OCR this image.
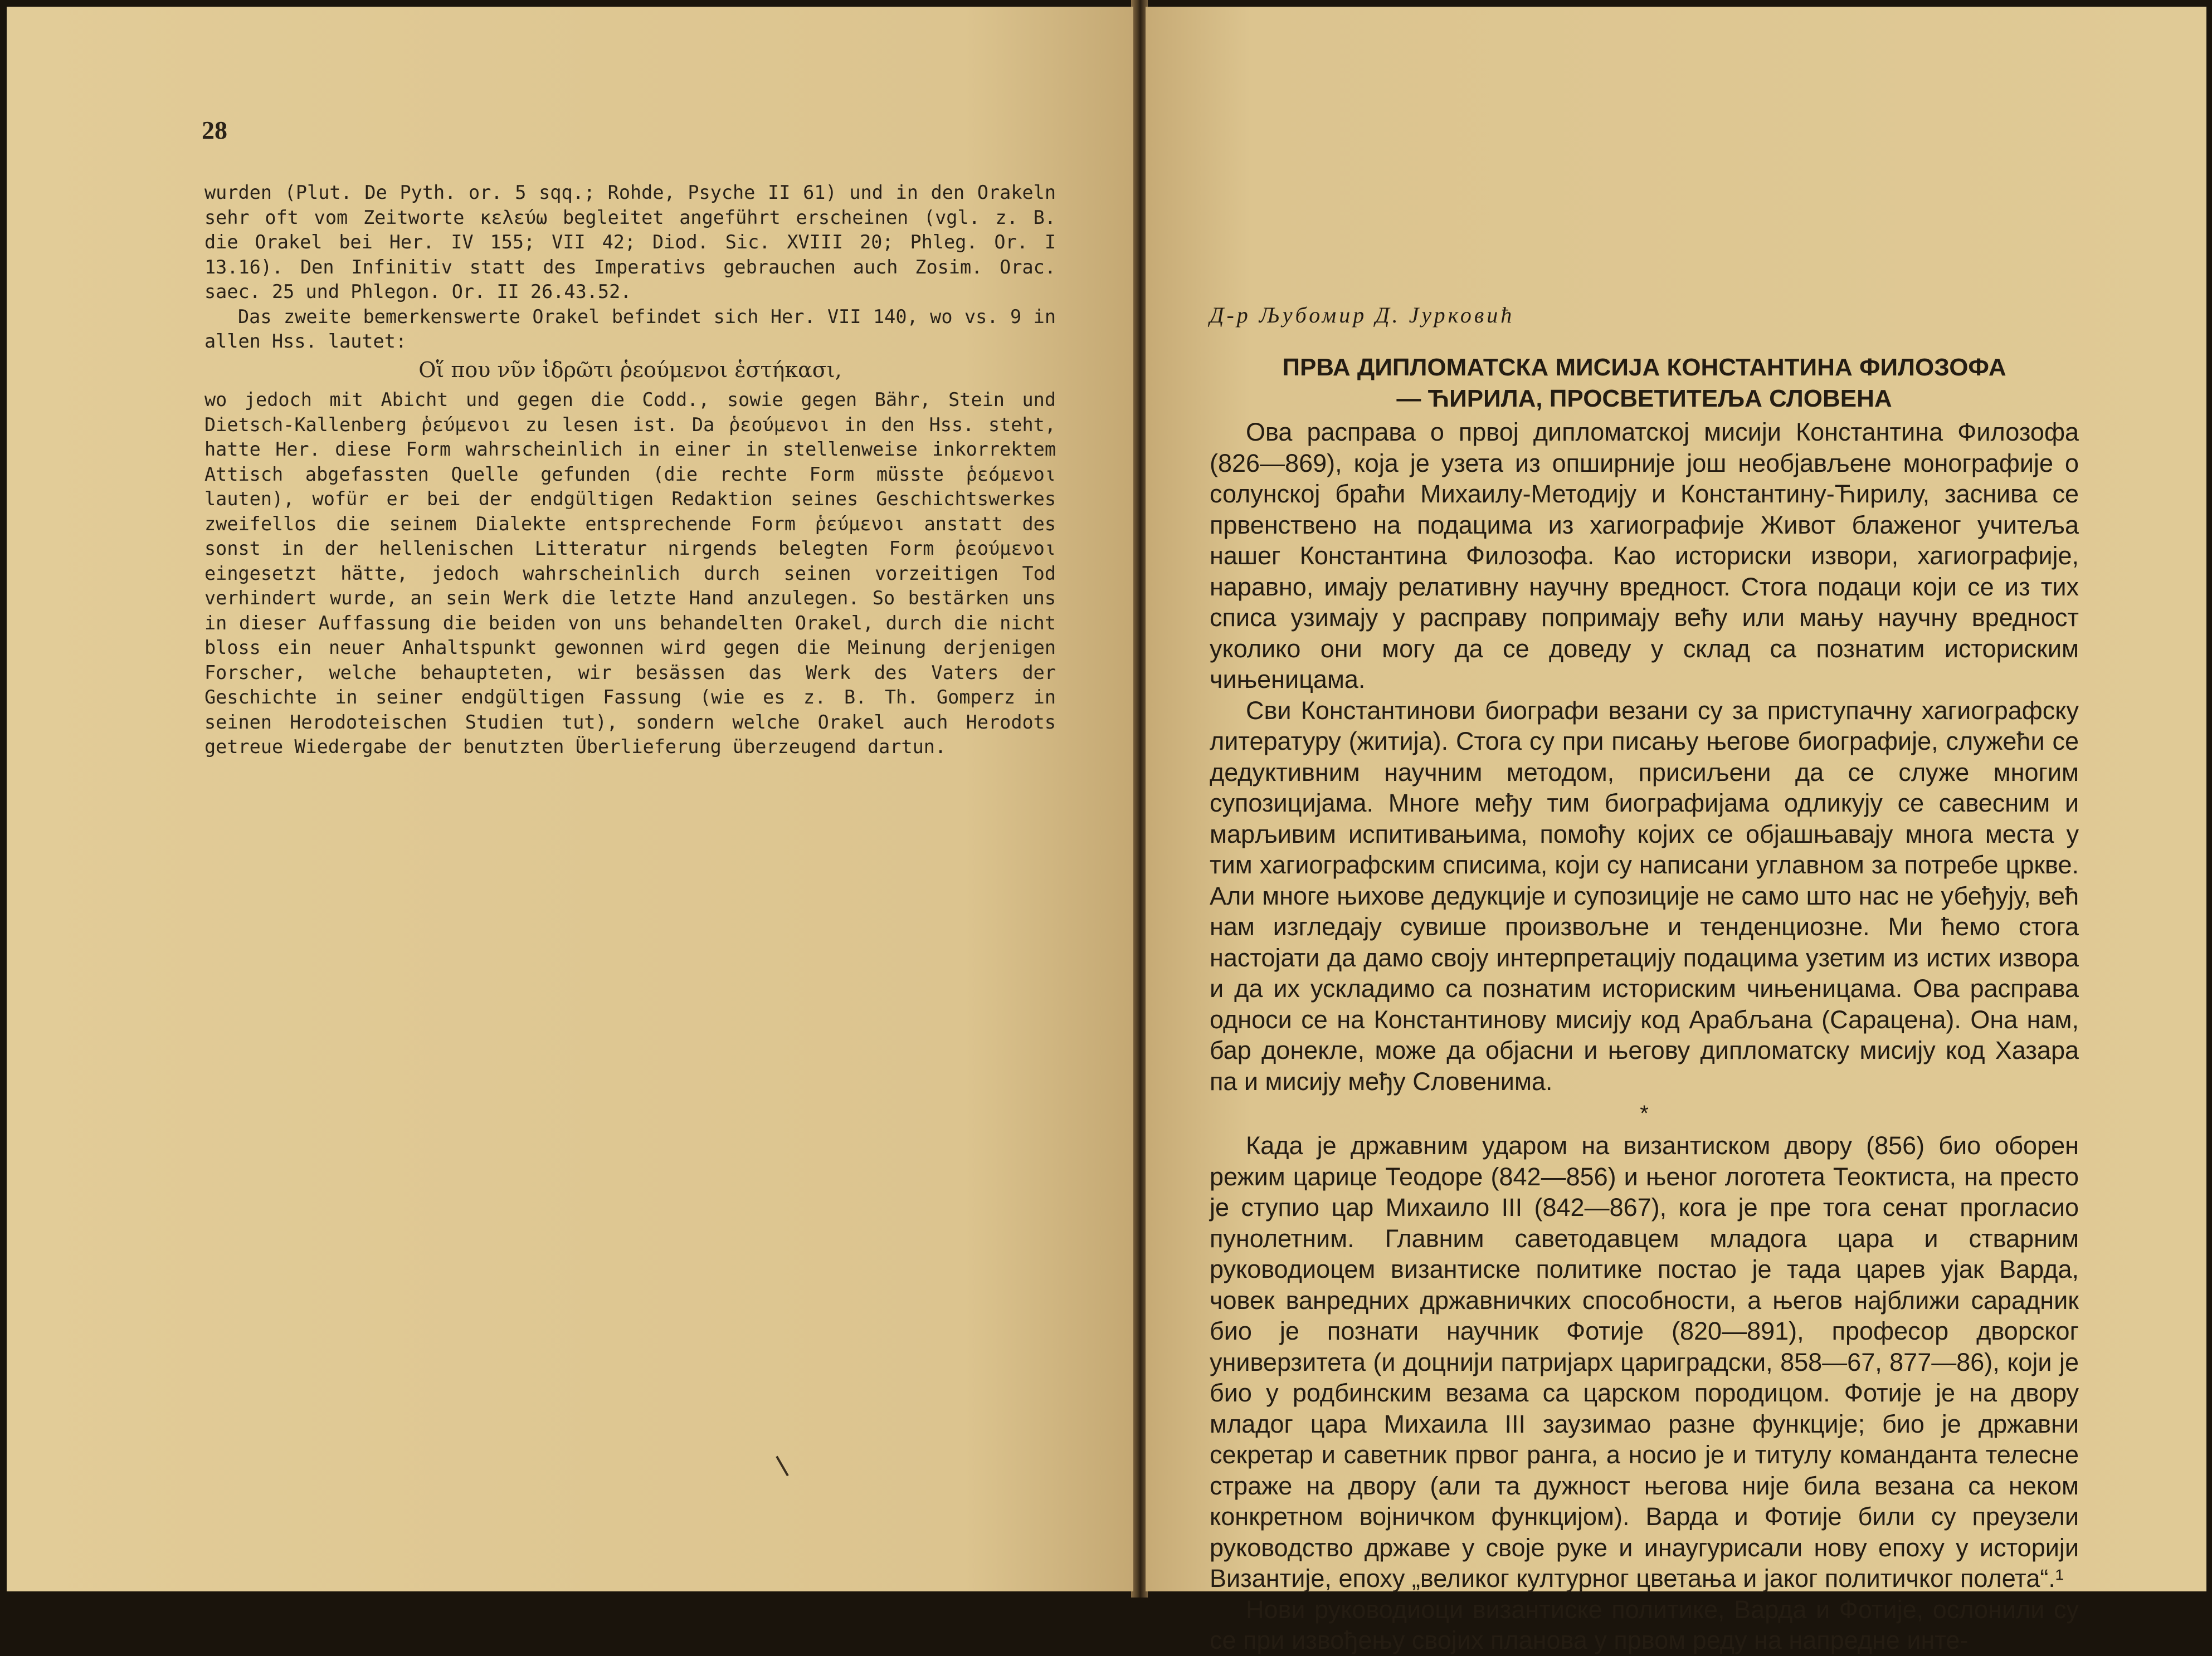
28

wurden (Plut. De Pyth. or. 5 sqq.; Rohde, Psyche II 61) und in den Orakeln sehr oft vom Zeitworte κελεύω begleitet angeführt erscheinen (vgl. z. B. die Orakel bei Her. IV 155; VII 42; Diod. Sic. XVIII 20; Phleg. Or. I 13.16). Den Infinitiv statt des Imperativs gebrauchen auch Zosim. Orac. saec. 25 und Phlegon. Or. II 26.43.52.

Das zweite bemerkenswerte Orakel befindet sich Her. VII 140, wo vs. 9 in allen Hss. lautet:

Οἵ που νῦν ἱδρῶτι ῥεούμενοι ἑστήκασι,

wo jedoch mit Abicht und gegen die Codd., sowie gegen Bähr, Stein und Dietsch-Kallenberg ῥεύμενοι zu lesen ist. Da ῥεούμενοι in den Hss. steht, hatte Her. diese Form wahrscheinlich in einer in stellenweise inkorrektem Attisch abgefassten Quelle gefunden (die rechte Form müsste ῥεόμενοι lauten), wofür er bei der endgültigen Redaktion seines Geschichtswerkes zweifellos die seinem Dialekte entsprechende Form ῥεύμενοι anstatt des sonst in der hellenischen Litteratur nirgends belegten Form ῥεούμενοι eingesetzt hätte, jedoch wahrscheinlich durch seinen vorzeitigen Tod verhindert wurde, an sein Werk die letzte Hand anzulegen. So bestärken uns in dieser Auffassung die beiden von uns behandelten Orakel, durch die nicht bloss ein neuer Anhaltspunkt gewonnen wird gegen die Meinung derjenigen Forscher, welche behaupteten, wir besässen das Werk des Vaters der Geschichte in seiner endgültigen Fassung (wie es z. B. Th. Gomperz in seinen Herodoteischen Studien tut), sondern welche Orakel auch Herodots getreue Wiedergabe der benutzten Überlieferung überzeugend dartun.

Д-р Љубомир Д. Јурковић
ПРВА ДИПЛОМАТСКА МИСИЈА КОНСТАНТИНА ФИЛОЗОФА
— ЋИРИЛА, ПРОСВЕТИТЕЉА СЛОВЕНА

Ова расправа о првој дипломатској мисији Константина Филозофа (826—869), која је узета из опширније још необјављене монографије о солунској браћи Михаилу-Методију и Константину-Ћирилу, заснива се првенствено на подацима из хагиографије Живот блаженог учитеља нашег Константина Филозофа. Као историски извори, хагиографије, наравно, имају релативну научну вредност. Стога подаци који се из тих списа узимају у расправу попримају већу или мању научну вредност уколико они могу да се доведу у склад са познатим историским чињеницама.

Сви Константинови биографи везани су за приступачну хагиографску литературу (житија). Стога су при писању његове биографије, служећи се дедуктивним научним методом, присиљени да се служе многим супозицијама. Многе међу тим биографијама одликују се савесним и марљивим испитивањима, помоћу којих се објашњавају многа места у тим хагиографским списима, који су написани углавном за потребе цркве. Али многе њихове дедукције и супозиције не само што нас не убеђују, већ нам изгледају сувише произвољне и тенденциозне. Ми ћемо стога настојати да дамо своју интерпретацију подацима узетим из истих извора и да их ускладимо са познатим историским чињеницама. Ова расправа односи се на Константинову мисију код Арабљана (Сарацена). Она нам, бар донекле, може да објасни и његову дипломатску мисију код Хазара па и мисију међу Словенима.

*

Када је државним ударом на византиском двору (856) био оборен режим царице Теодоре (842—856) и њеног логотета Теоктиста, на престо је ступио цар Михаило III (842—867), кога је пре тога сенат прогласио пунолетним. Главним саветодавцем младога цара и стварним руководиоцем византиске политике постао је тада царев ујак Варда, човек ванредних државничких способности, а његов најближи сарадник био је познати научник Фотије (820—891), професор дворског универзитета (и доцнији патријарх цариградски, 858—67, 877—86), који је био у родбинским везама са царском породицом. Фотије је на двору младог цара Михаила III заузимао разне функције; био је државни секретар и саветник првог ранга, а носио је и титулу команданта телесне страже на двору (али та дужност његова није била везана са неком конкретном војничком функцијом). Варда и Фотије били су преузели руководство државе у своје руке и инаугурисали нову епоху у историји Византије, епоху „великог културног цветања и јаког политичког полета“.¹

Нови руководиоци византиске политике, Варда и Фотије, ослонили су се при извођењу својих планова у првом реду на напредне инте-
